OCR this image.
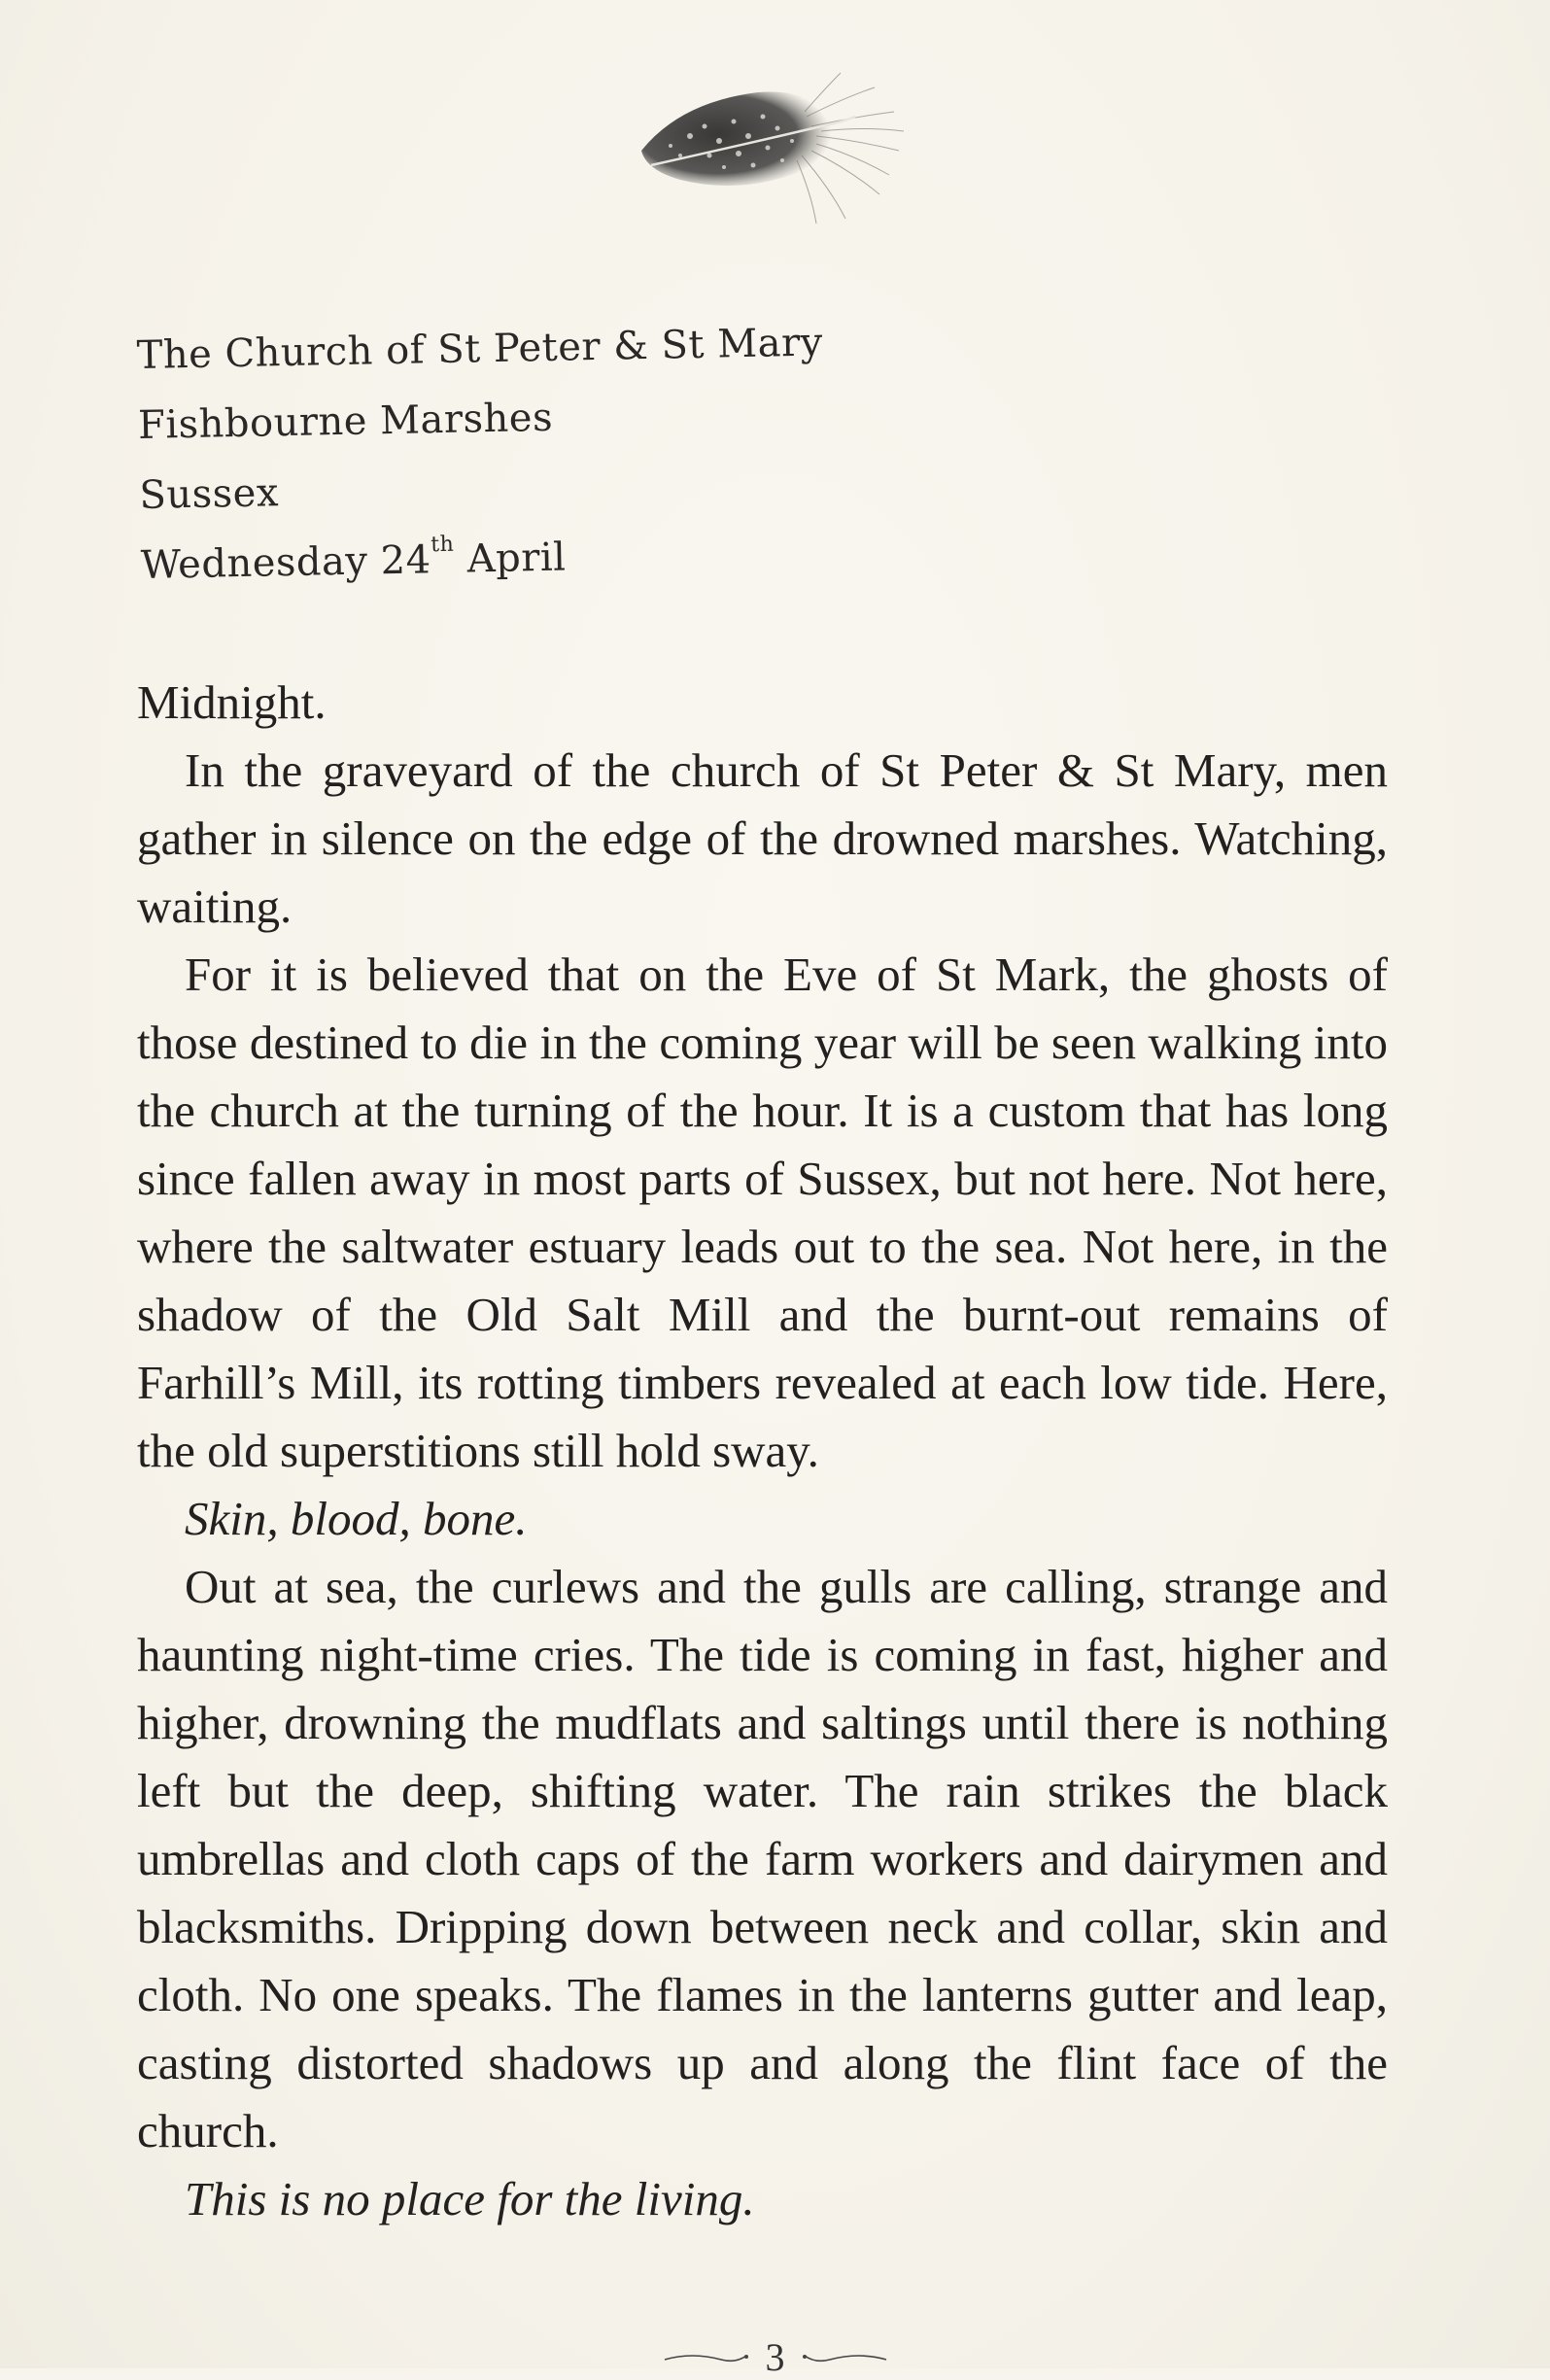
The Church of St Peter & St Mary
Fishbourne Marshes
Sussex
Wednesday 24th April

Midnight.

In the graveyard of the church of St Peter & St Mary, men gather in silence on the edge of the drowned marshes. Watching, waiting.

For it is believed that on the Eve of St Mark, the ghosts of those destined to die in the coming year will be seen walking into the church at the turning of the hour. It is a custom that has long since fallen away in most parts of Sussex, but not here. Not here, where the saltwater estuary leads out to the sea. Not here, in the shadow of the Old Salt Mill and the burnt-out remains of Farhill’s Mill, its rotting timbers revealed at each low tide. Here, the old superstitions still hold sway.

Skin, blood, bone.

Out at sea, the curlews and the gulls are calling, strange and haunting night-time cries. The tide is coming in fast, higher and higher, drowning the mudflats and saltings until there is nothing left but the deep, shifting water. The rain strikes the black umbrellas and cloth caps of the farm workers and dairymen and blacksmiths. Dripping down between neck and collar, skin and cloth. No one speaks. The flames in the lanterns gutter and leap, casting distorted shadows up and along the flint face of the church.

This is no place for the living.

3
